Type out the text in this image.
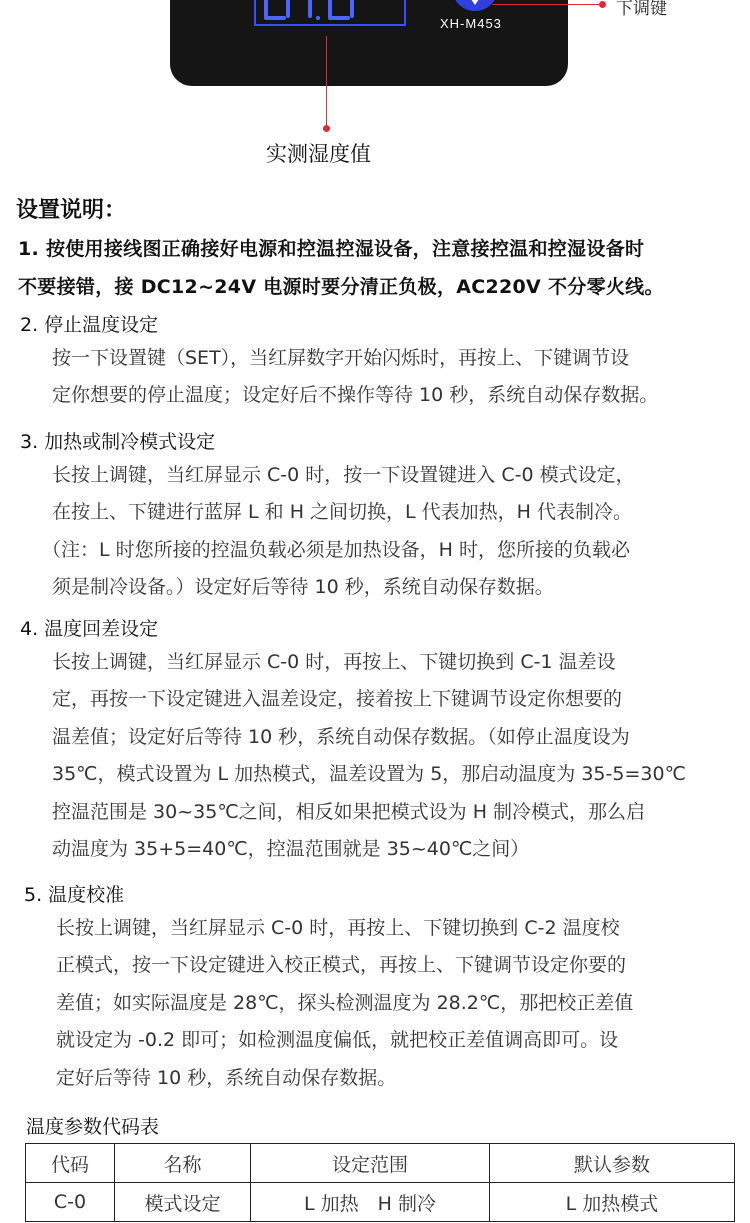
XH-M453
下调键
实测湿度值
设置说明：
1. 按使用接线图正确接好电源和控温控湿设备，注意接控温和控湿设备时
不要接错，接 DC12~24V 电源时要分清正负极，AC220V 不分零火线。
2. 停止温度设定
按一下设置键（SET），当红屏数字开始闪烁时，再按上、下键调节设
定你想要的停止温度；设定好后不操作等待 10 秒，系统自动保存数据。
3. 加热或制冷模式设定
长按上调键，当红屏显示 C-0 时，按一下设置键进入 C-0 模式设定，
在按上、下键进行蓝屏 L 和 H 之间切换，L 代表加热，H 代表制冷。
（注：L 时您所接的控温负载必须是加热设备，H 时，您所接的负载必
须是制冷设备。）设定好后等待 10 秒，系统自动保存数据。
4. 温度回差设定
长按上调键，当红屏显示 C-0 时，再按上、下键切换到 C-1 温差设
定，再按一下设定键进入温差设定，接着按上下键调节设定你想要的
温差值；设定好后等待 10 秒，系统自动保存数据。（如停止温度设为
35℃，模式设置为 L 加热模式，温差设置为 5，那启动温度为 35-5=30℃
控温范围是 30~35℃之间，相反如果把模式设为 H 制冷模式，那么启
动温度为 35+5=40℃，控温范围就是 35~40℃之间）
5. 温度校准
长按上调键，当红屏显示 C-0 时，再按上、下键切换到 C-2 温度校
正模式，按一下设定键进入校正模式，再按上、下键调节设定你要的
差值；如实际温度是 28℃，探头检测温度为 28.2℃，那把校正差值
就设定为 -0.2 即可；如检测温度偏低，就把校正差值调高即可。设
定好后等待 10 秒，系统自动保存数据。
温度参数代码表
代码	名称	设定范围	默认参数
C-0	模式设定	L 加热　H 制冷	L 加热模式
